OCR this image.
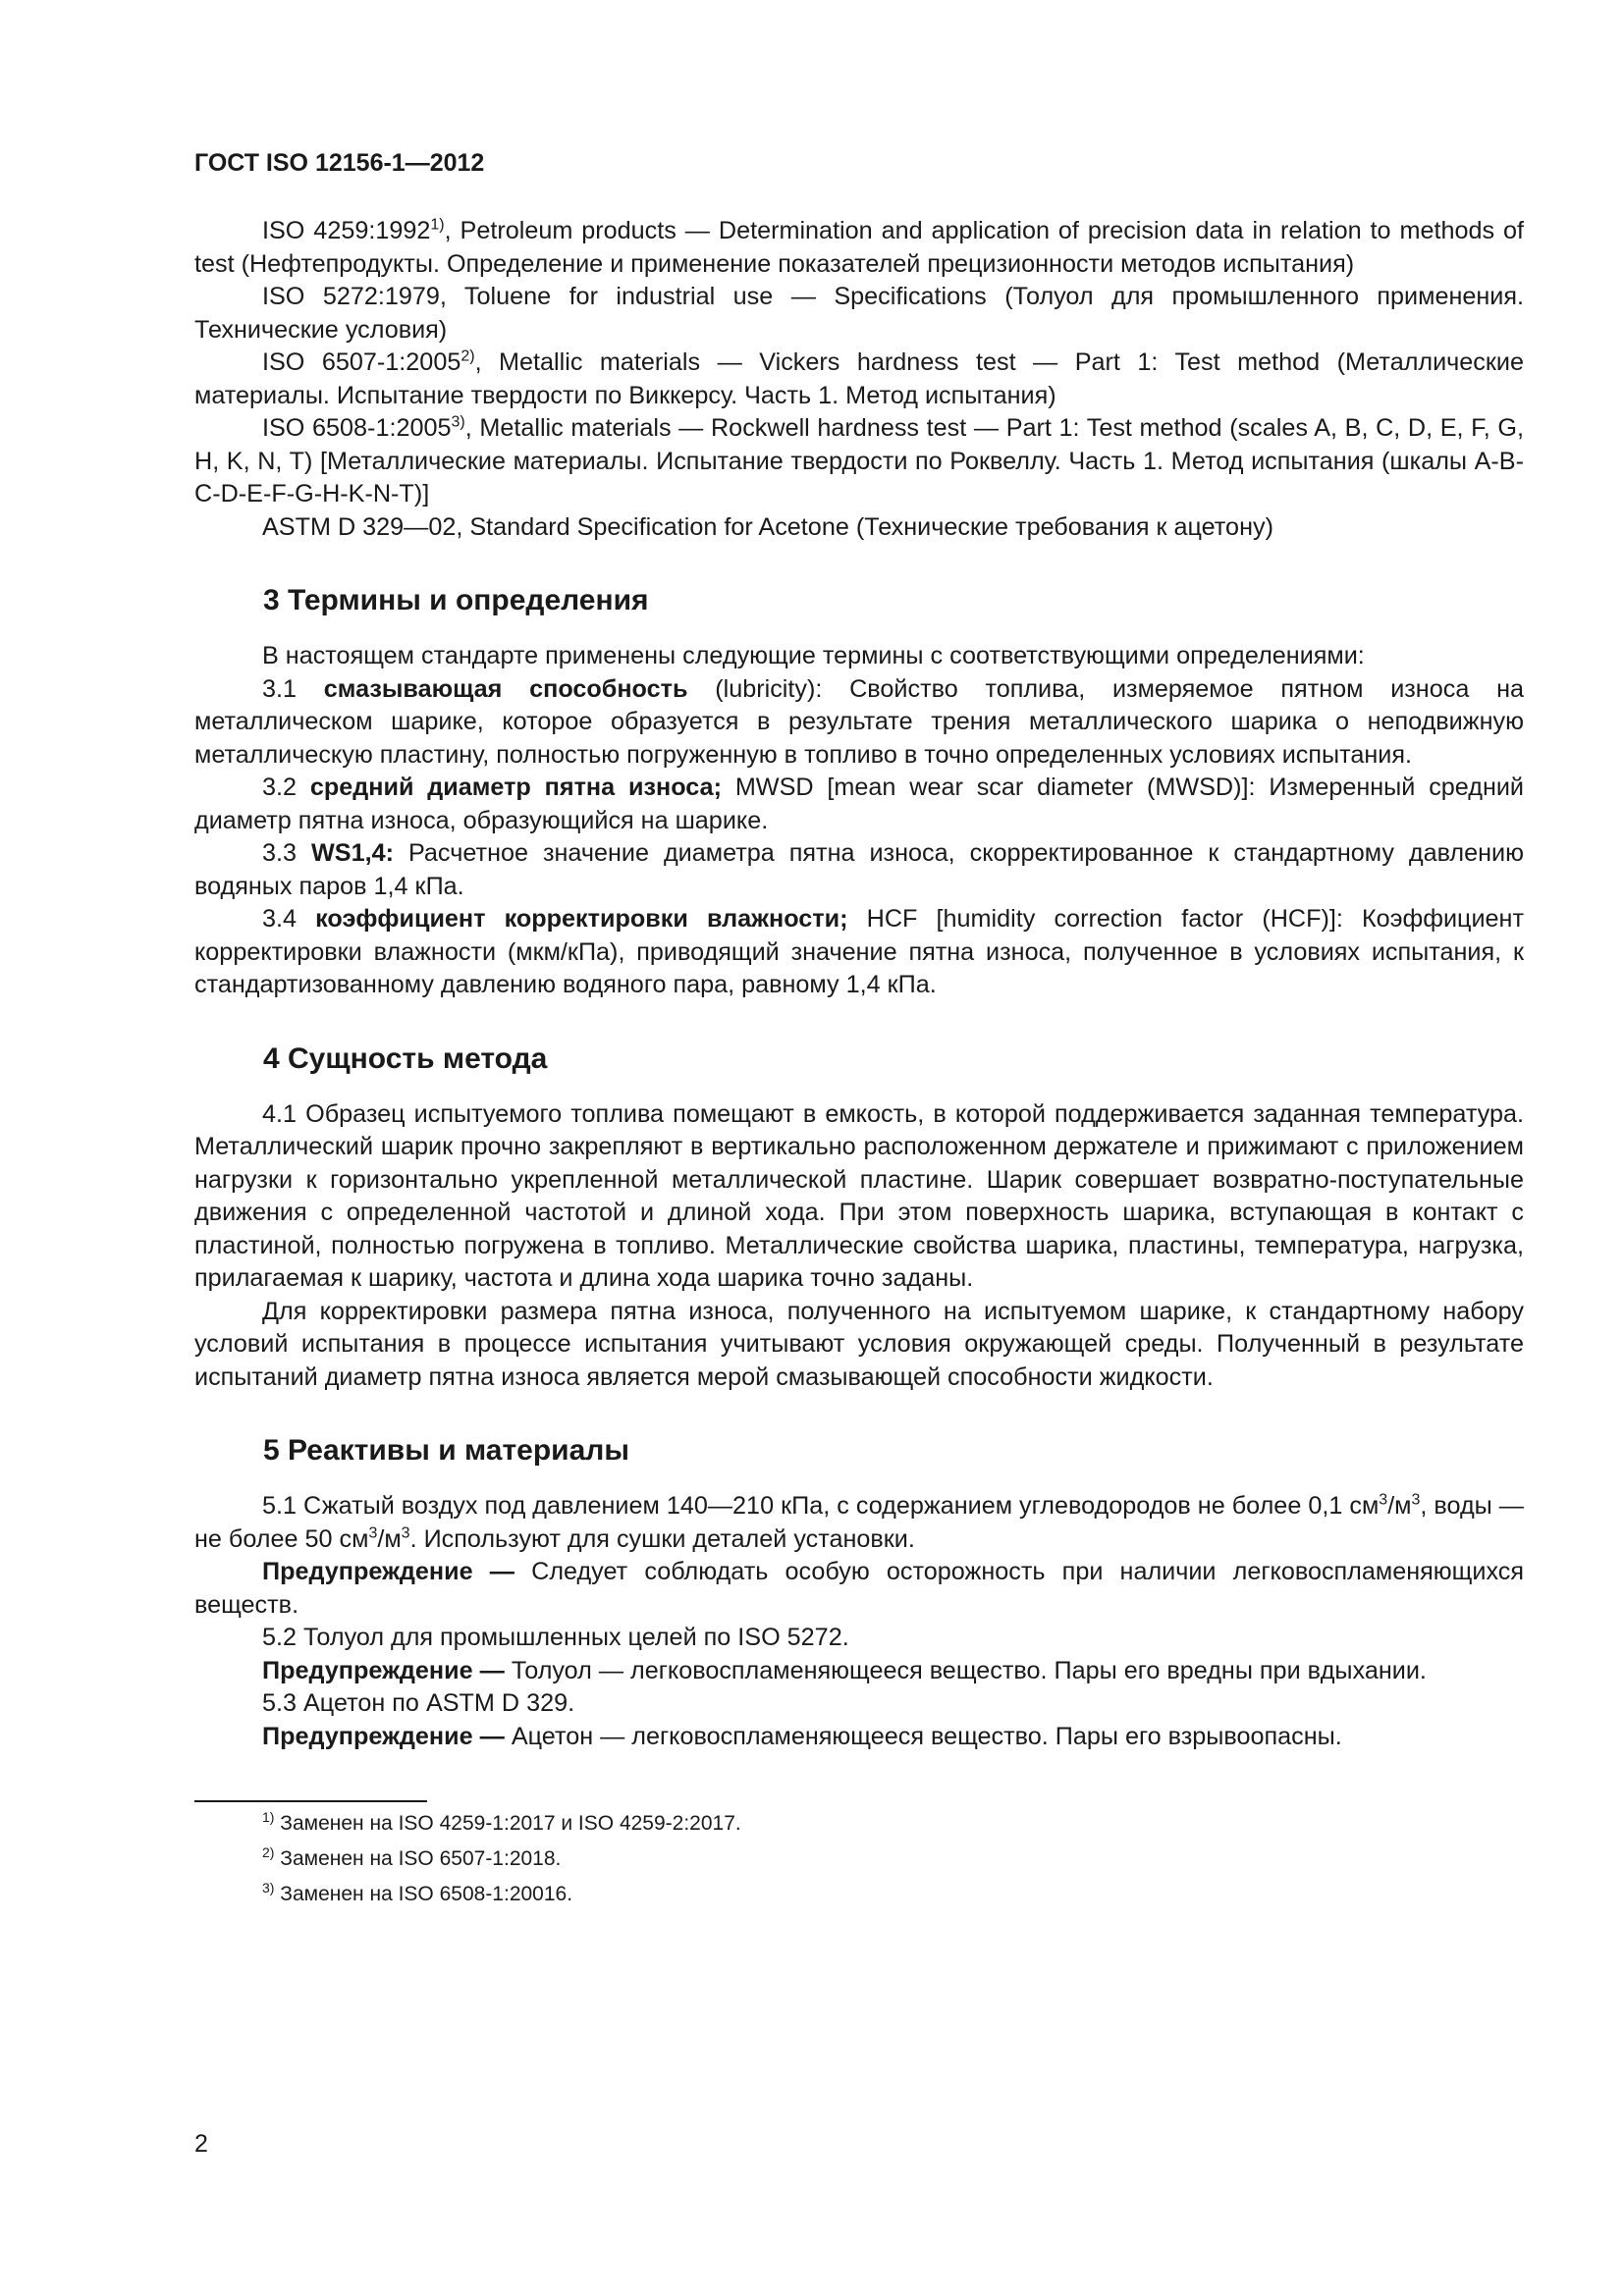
ГОСТ ISO 12156-1—2012

ISO 4259:1992$^{1)}$, Petroleum products — Determination and application of precision data in relation to methods of test (Нефтепродукты. Определение и применение показателей прецизионности методов испытания)

ISO 5272:1979, Toluene for industrial use — Specifications (Толуол для промышленного применения. Технические условия)

ISO 6507-1:2005$^{2)}$, Metallic materials — Vickers hardness test — Part 1: Test method (Металлические материалы. Испытание твердости по Виккерсу. Часть 1. Метод испытания)

ISO 6508-1:2005$^{3)}$, Metallic materials — Rockwell hardness test — Part 1: Test method (scales A, B, C, D, E, F, G, H, K, N, T) [Металлические материалы. Испытание твердости по Роквеллу. Часть 1. Метод испытания (шкалы A-B-C-D-E-F-G-H-K-N-T)]

ASTM D 329—02, Standard Specification for Acetone (Технические требования к ацетону)

3 Термины и определения

В настоящем стандарте применены следующие термины с соответствующими определениями:

3.1 смазывающая способность (lubricity): Свойство топлива, измеряемое пятном износа на металлическом шарике, которое образуется в результате трения металлического шарика о неподвижную металлическую пластину, полностью погруженную в топливо в точно определенных условиях испытания.

3.2 средний диаметр пятна износа; MWSD [mean wear scar diameter (MWSD)]: Измеренный средний диаметр пятна износа, образующийся на шарике.

3.3 WS1,4: Расчетное значение диаметра пятна износа, скорректированное к стандартному давлению водяных паров 1,4 кПа.

3.4 коэффициент корректировки влажности; HCF [humidity correction factor (HCF)]: Коэффициент корректировки влажности (мкм/кПа), приводящий значение пятна износа, полученное в условиях испытания, к стандартизованному давлению водяного пара, равному 1,4 кПа.

4 Сущность метода

4.1 Образец испытуемого топлива помещают в емкость, в которой поддерживается заданная температура. Металлический шарик прочно закрепляют в вертикально расположенном держателе и прижимают с приложением нагрузки к горизонтально укрепленной металлической пластине. Шарик совершает возвратно-поступательные движения с определенной частотой и длиной хода. При этом поверхность шарика, вступающая в контакт с пластиной, полностью погружена в топливо. Металлические свойства шарика, пластины, температура, нагрузка, прилагаемая к шарику, частота и длина хода шарика точно заданы.

Для корректировки размера пятна износа, полученного на испытуемом шарике, к стандартному набору условий испытания в процессе испытания учитывают условия окружающей среды. Полученный в результате испытаний диаметр пятна износа является мерой смазывающей способности жидкости.

5 Реактивы и материалы

5.1 Сжатый воздух под давлением 140—210 кПа, с содержанием углеводородов не более 0,1 $см^3/м^3$, воды — не более 50 $см^3/м^3$. Используют для сушки деталей установки.

Предупреждение — Следует соблюдать особую осторожность при наличии легковоспламеняющихся веществ.

5.2 Толуол для промышленных целей по ISO 5272.

Предупреждение — Толуол — легковоспламеняющееся вещество. Пары его вредны при вдыхании.

5.3 Ацетон по ASTM D 329.

Предупреждение — Ацетон — легковоспламеняющееся вещество. Пары его взрывоопасны.

$^{1)}$ Заменен на ISO 4259-1:2017 и ISO 4259-2:2017.
$^{2)}$ Заменен на ISO 6507-1:2018.
$^{3)}$ Заменен на ISO 6508-1:20016.
2
